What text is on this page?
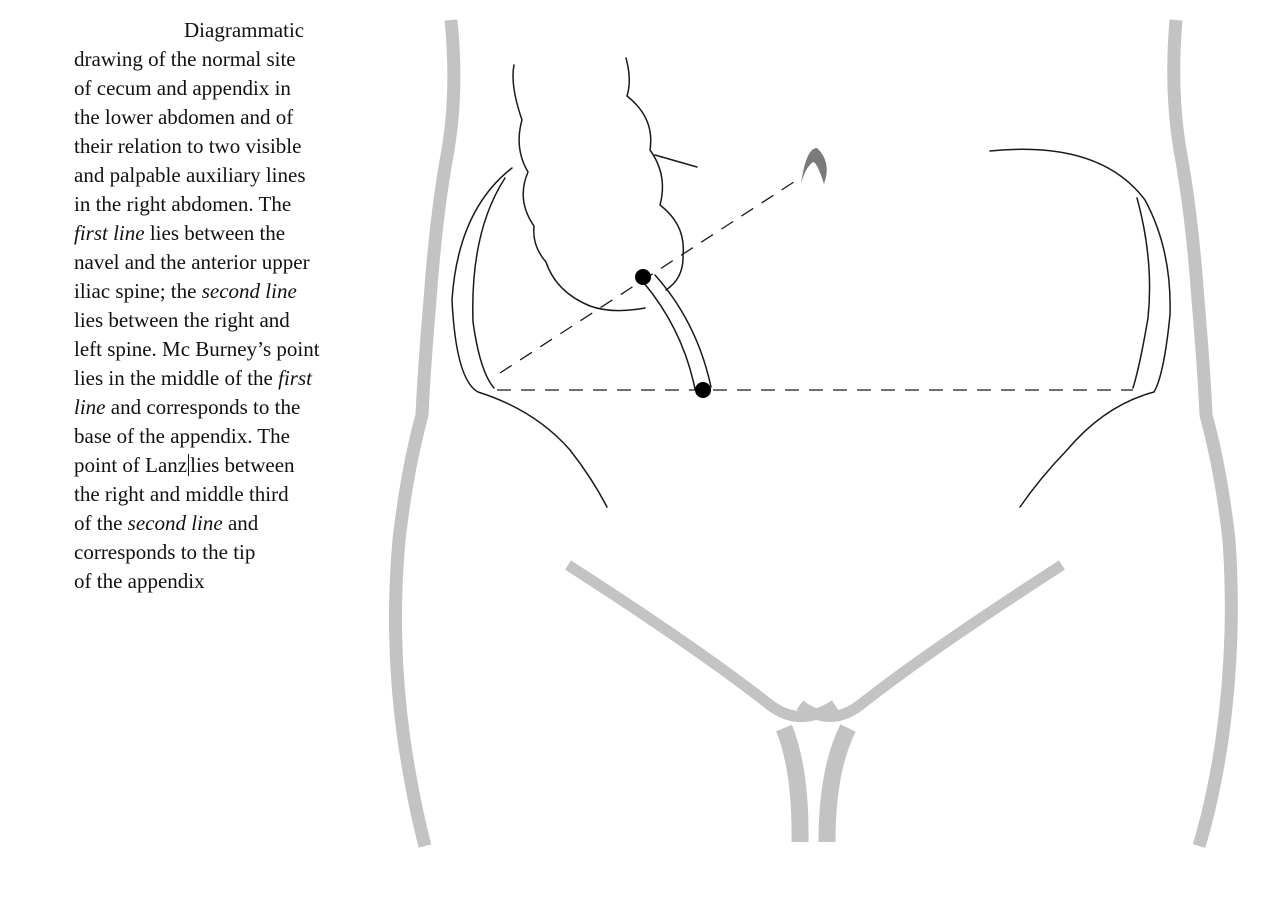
Diagrammatic
drawing of the normal site
of cecum and appendix in
the lower abdomen and of
their relation to two visible
and palpable auxiliary lines
in the right abdomen. The
first line lies between the
navel and the anterior upper
iliac spine; the second line
lies between the right and
left spine. Mc Burney’s point
lies in the middle of the first
line and corresponds to the
base of the appendix. The
point of Lanz lies between
the right and middle third
of the second line and
corresponds to the tip
of the appendix
